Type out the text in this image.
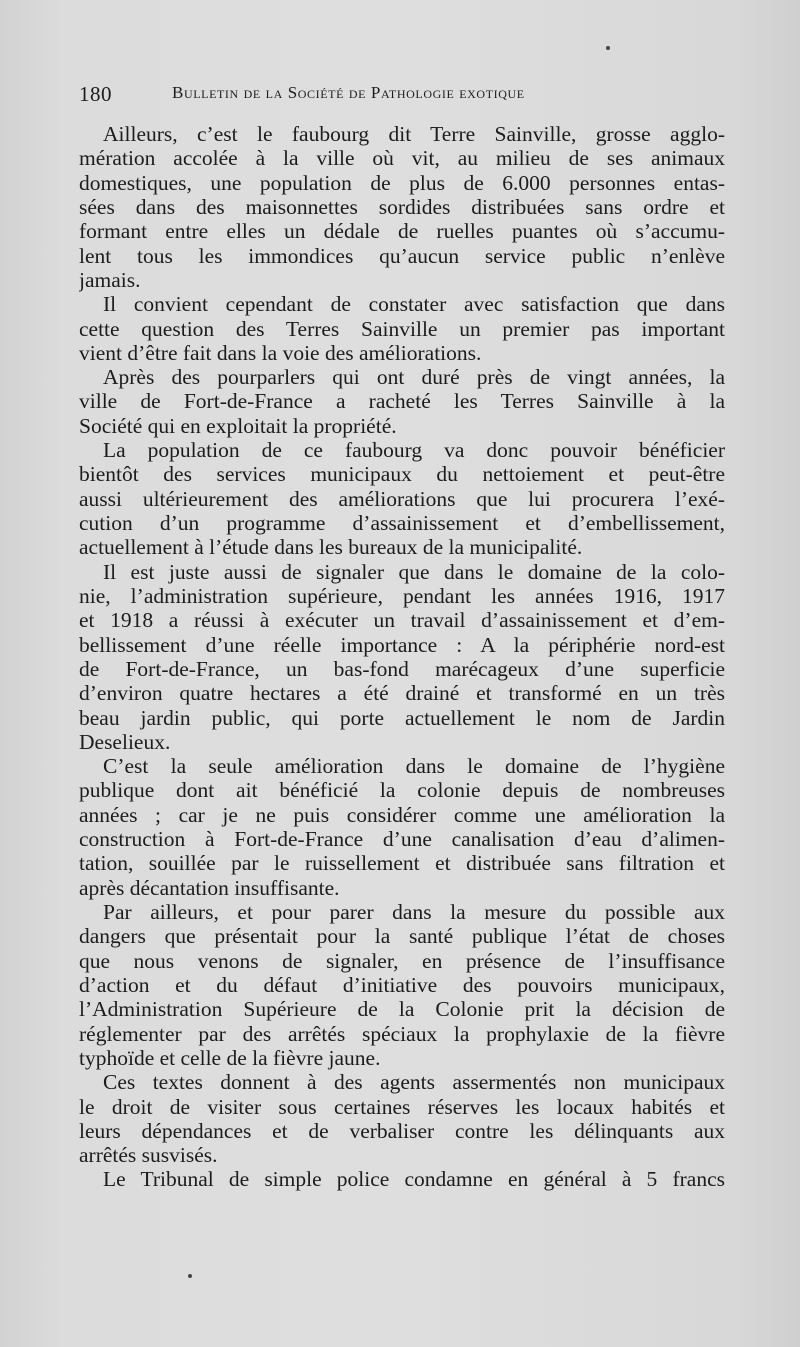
180	Bulletin de la Société de Pathologie exotique
Ailleurs, c’est le faubourg dit Terre Sainville, grosse agglo-
mération accolée à la ville où vit, au milieu de ses animaux
domestiques, une population de plus de 6.000 personnes entas-
sées dans des maisonnettes sordides distribuées sans ordre et
formant entre elles un dédale de ruelles puantes où s’accumu-
lent tous les immondices qu’aucun service public n’enlève
jamais.
Il convient cependant de constater avec satisfaction que dans
cette question des Terres Sainville un premier pas important
vient d’être fait dans la voie des améliorations.
Après des pourparlers qui ont duré près de vingt années, la
ville de Fort-de-France a racheté les Terres Sainville à la
Société qui en exploitait la propriété.
La population de ce faubourg va donc pouvoir bénéficier
bientôt des services municipaux du nettoiement et peut-être
aussi ultérieurement des améliorations que lui procurera l’exé-
cution d’un programme d’assainissement et d’embellissement,
actuellement à l’étude dans les bureaux de la municipalité.
Il est juste aussi de signaler que dans le domaine de la colo-
nie, l’administration supérieure, pendant les années 1916, 1917
et 1918 a réussi à exécuter un travail d’assainissement et d’em-
bellissement d’une réelle importance : A la périphérie nord-est
de Fort-de-France, un bas-fond marécageux d’une superficie
d’environ quatre hectares a été drainé et transformé en un très
beau jardin public, qui porte actuellement le nom de Jardin
Deselieux.
C’est la seule amélioration dans le domaine de l’hygiène
publique dont ait bénéficié la colonie depuis de nombreuses
années ; car je ne puis considérer comme une amélioration la
construction à Fort-de-France d’une canalisation d’eau d’alimen-
tation, souillée par le ruissellement et distribuée sans filtration et
après décantation insuffisante.
Par ailleurs, et pour parer dans la mesure du possible aux
dangers que présentait pour la santé publique l’état de choses
que nous venons de signaler, en présence de l’insuffisance
d’action et du défaut d’initiative des pouvoirs municipaux,
l’Administration Supérieure de la Colonie prit la décision de
réglementer par des arrêtés spéciaux la prophylaxie de la fièvre
typhoïde et celle de la fièvre jaune.
Ces textes donnent à des agents assermentés non municipaux
le droit de visiter sous certaines réserves les locaux habités et
leurs dépendances et de verbaliser contre les délinquants aux
arrêtés susvisés.
Le Tribunal de simple police condamne en général à 5 francs
